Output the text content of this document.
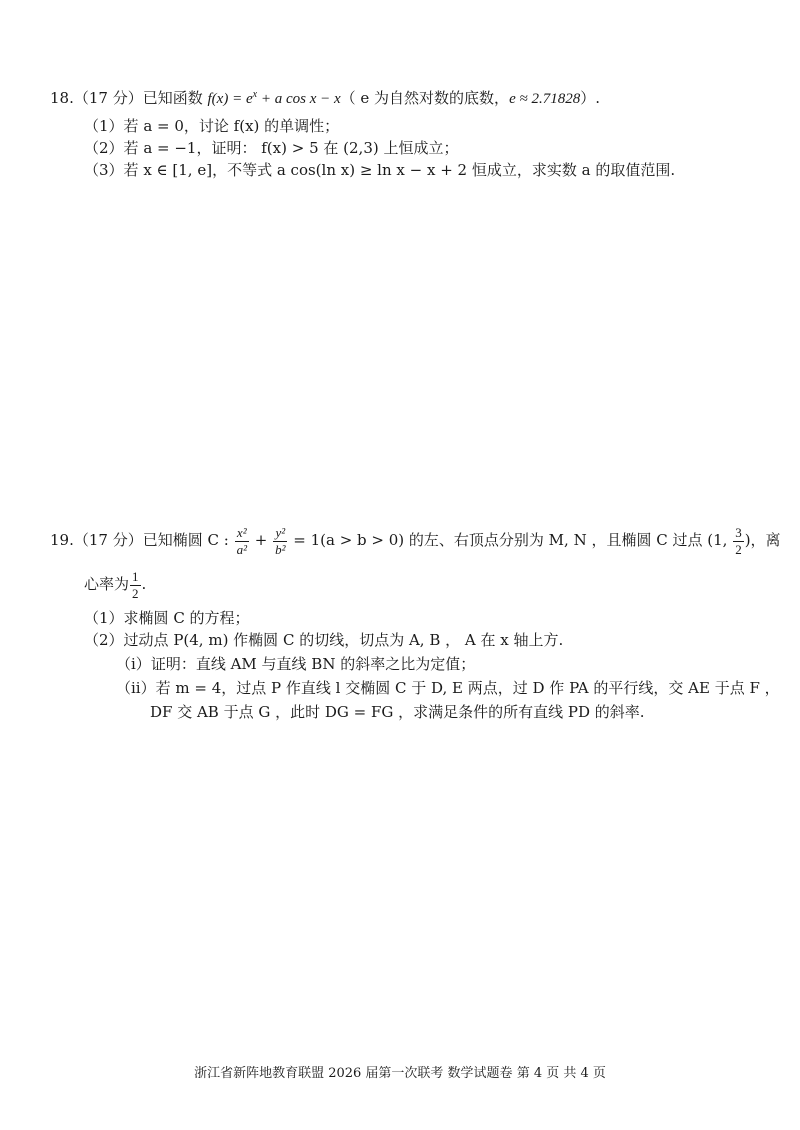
18.（17 分）已知函数 $f(x) = e^x + a$ cos x − x（ e 为自然对数的底数，e ≈ 2.71828）.
（1）若 a = 0，讨论 f(x) 的单调性；
（2）若 a = −1，证明： f(x) > 5 在 (2,3) 上恒成立；
（3）若 x ∈ [1, e]，不等式 a cos(ln x) ≥ ln x − x + 2 恒成立，求实数 a 的取值范围.
19.（17 分）已知椭圆 C : $\frac{\text{x²}}{\text{a²}} + \frac{\text{y²}}{\text{b²}} = 1(a > b > 0)$ 的左、右顶点分别为 M, N ，且椭圆 C 过点 (1, $\frac{3}{2}$ )，离
心率为 $\frac{1}{2}$ .
（1）求椭圆 C 的方程；
（2）过动点 P(4, m) 作椭圆 C 的切线，切点为 A, B ， A 在 x 轴上方.
（i）证明：直线 AM 与直线 BN 的斜率之比为定值；
（ii）若 m = 4，过点 P 作直线 l 交椭圆 C 于 D, E 两点，过 D 作 PA 的平行线，交 AE 于点 F ，
DF 交 AB 于点 G ，此时 DG = FG ，求满足条件的所有直线 PD 的斜率.
浙江省新阵地教育联盟 2026 届第一次联考 数学试题卷 第 4 页 共 4 页
